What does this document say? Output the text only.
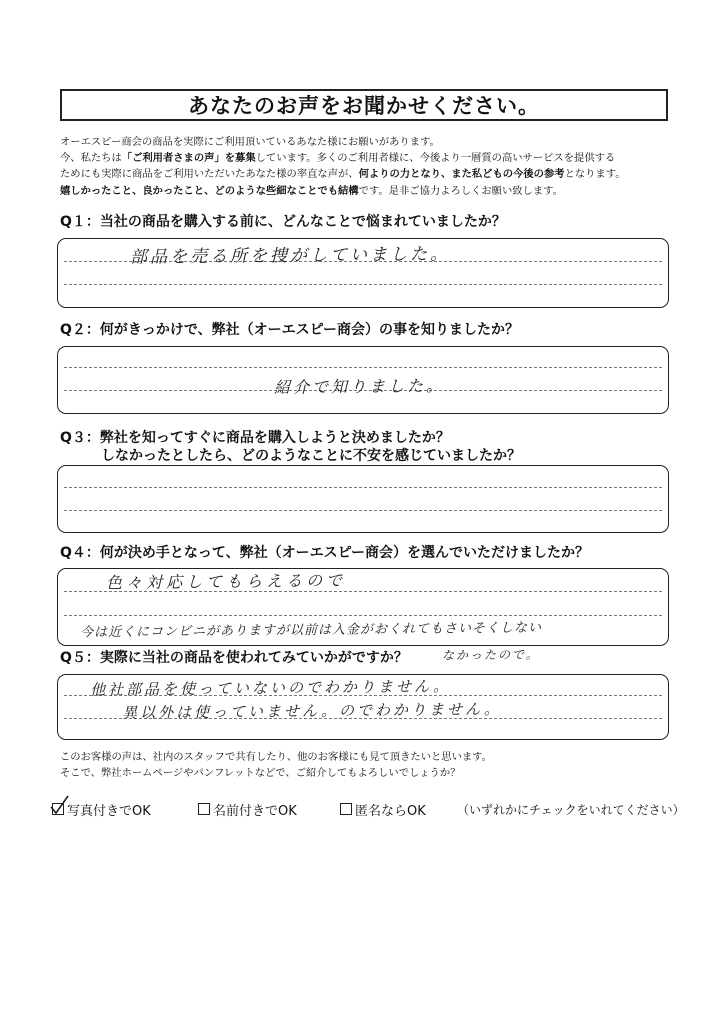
あなたのお声をお聞かせください。
オーエスピー商会の商品を実際にご利用頂いているあなた様にお願いがあります。
今、私たちは「ご利用者さまの声」を募集しています。多くのご利用者様に、今後より一層質の高いサービスを提供する
ためにも実際に商品をご利用いただいたあなた様の率直な声が、何よりの力となり、また私どもの今後の参考となります。
嬉しかったこと、良かったこと、どのような些細なことでも結構です。是非ご協力よろしくお願い致します。
Q１：当社の商品を購入する前に、どんなことで悩まれていましたか？
部品を売る所を捜がしていました。
Q２：何がきっかけで、弊社（オーエスピー商会）の事を知りましたか？
紹介で知りました。
Q３：弊社を知ってすぐに商品を購入しようと決めましたか？
しなかったとしたら、どのようなことに不安を感じていましたか？
Q４：何が決め手となって、弊社（オーエスピー商会）を選んでいただけましたか？
色々対応してもらえるので
今は近くにコンビニがありますが以前は入金がおくれてもさいそくしない
なかったので。
Q５：実際に当社の商品を使われてみていかがですか？
他社部品を使っていないのでわかりません。
異以外は使っていません。のでわかりません。
このお客様の声は、社内のスタッフで共有したり、他のお客様にも見て頂きたいと思います。
そこで、弊社ホームページやパンフレットなどで、ご紹介してもよろしいでしょうか？
写真付きでOK	名前付きでOK	匿名ならOK	（いずれかにチェックをいれてください）
